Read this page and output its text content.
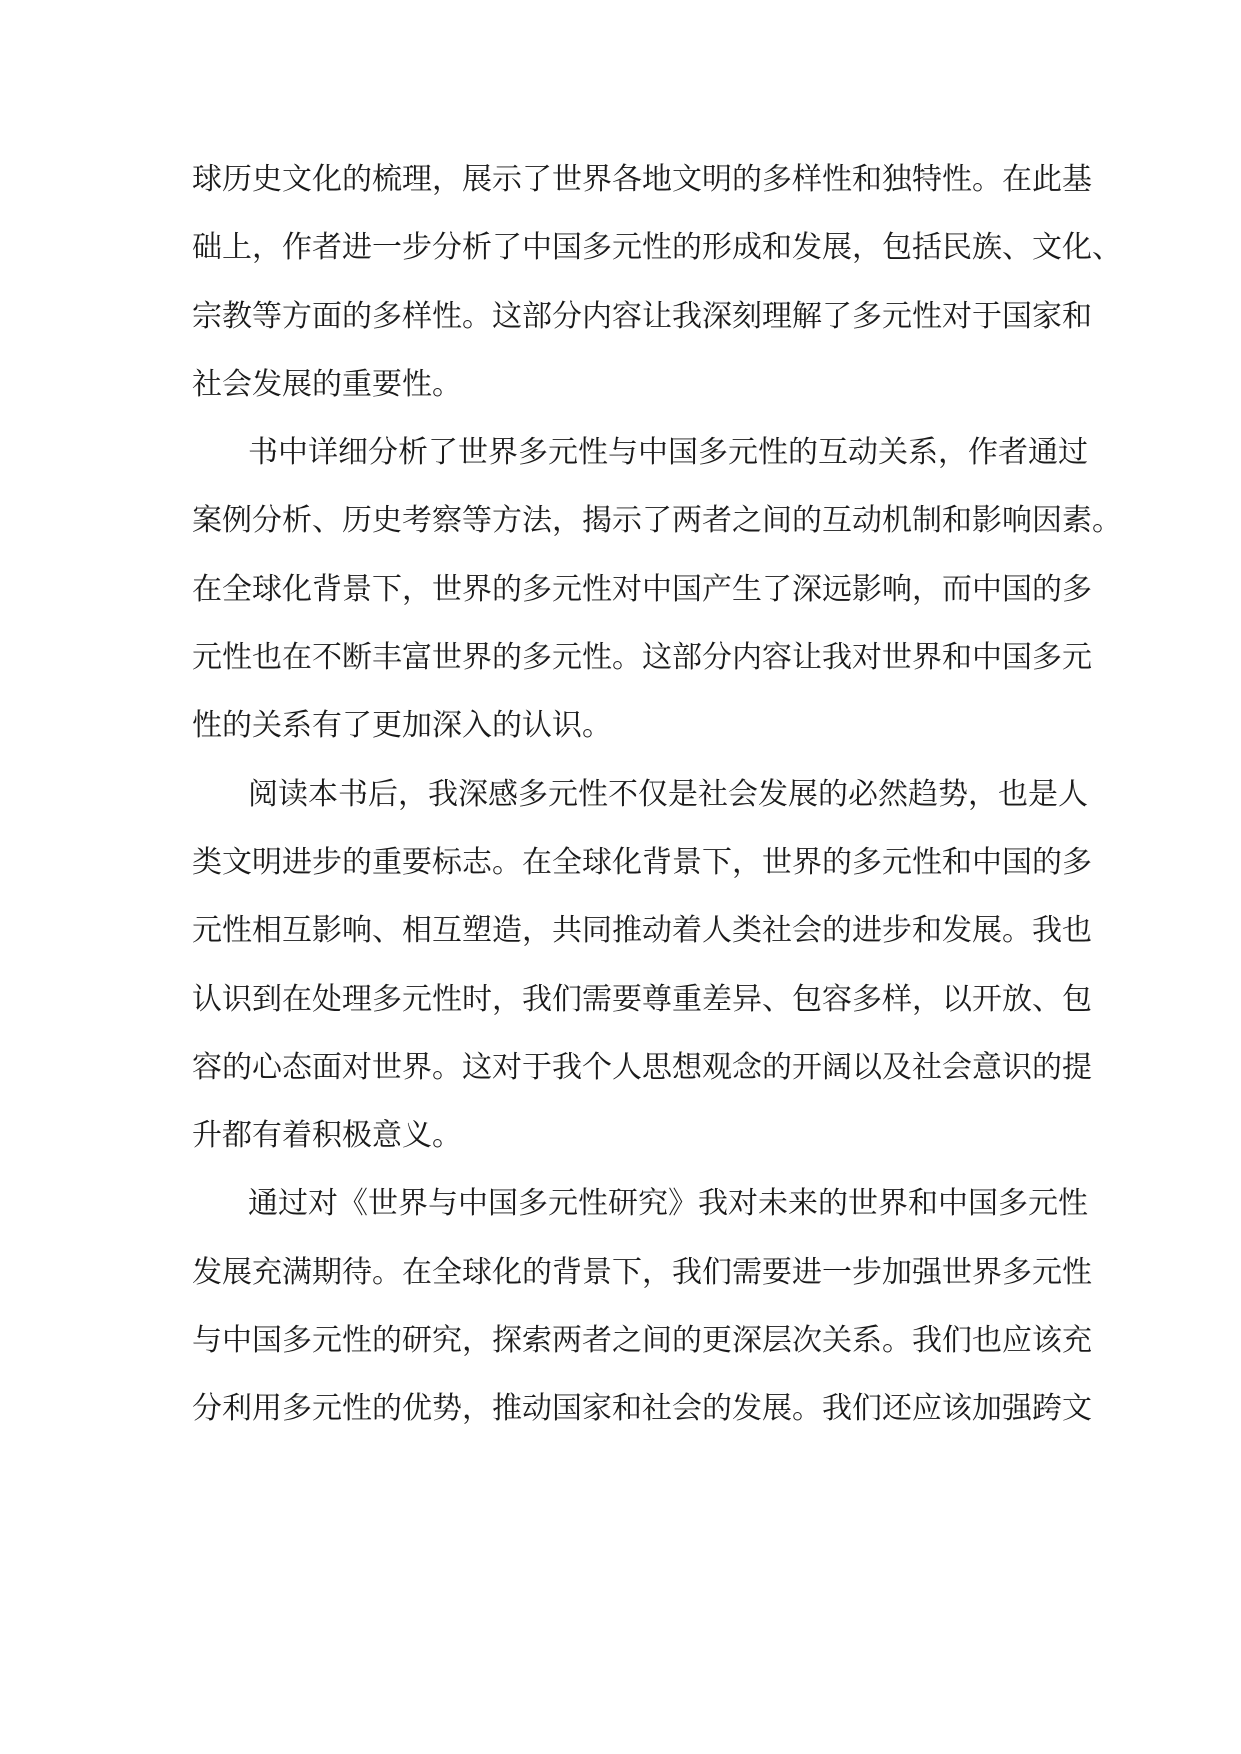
球历史文化的梳理，展示了世界各地文明的多样性和独特性。在此基
础上，作者进一步分析了中国多元性的形成和发展，包括民族、文化、
宗教等方面的多样性。这部分内容让我深刻理解了多元性对于国家和
社会发展的重要性。
书中详细分析了世界多元性与中国多元性的互动关系，作者通过
案例分析、历史考察等方法，揭示了两者之间的互动机制和影响因素。
在全球化背景下，世界的多元性对中国产生了深远影响，而中国的多
元性也在不断丰富世界的多元性。这部分内容让我对世界和中国多元
性的关系有了更加深入的认识。
阅读本书后，我深感多元性不仅是社会发展的必然趋势，也是人
类文明进步的重要标志。在全球化背景下，世界的多元性和中国的多
元性相互影响、相互塑造，共同推动着人类社会的进步和发展。我也
认识到在处理多元性时，我们需要尊重差异、包容多样，以开放、包
容的心态面对世界。这对于我个人思想观念的开阔以及社会意识的提
升都有着积极意义。
通过对《世界与中国多元性研究》我对未来的世界和中国多元性
发展充满期待。在全球化的背景下，我们需要进一步加强世界多元性
与中国多元性的研究，探索两者之间的更深层次关系。我们也应该充
分利用多元性的优势，推动国家和社会的发展。我们还应该加强跨文
